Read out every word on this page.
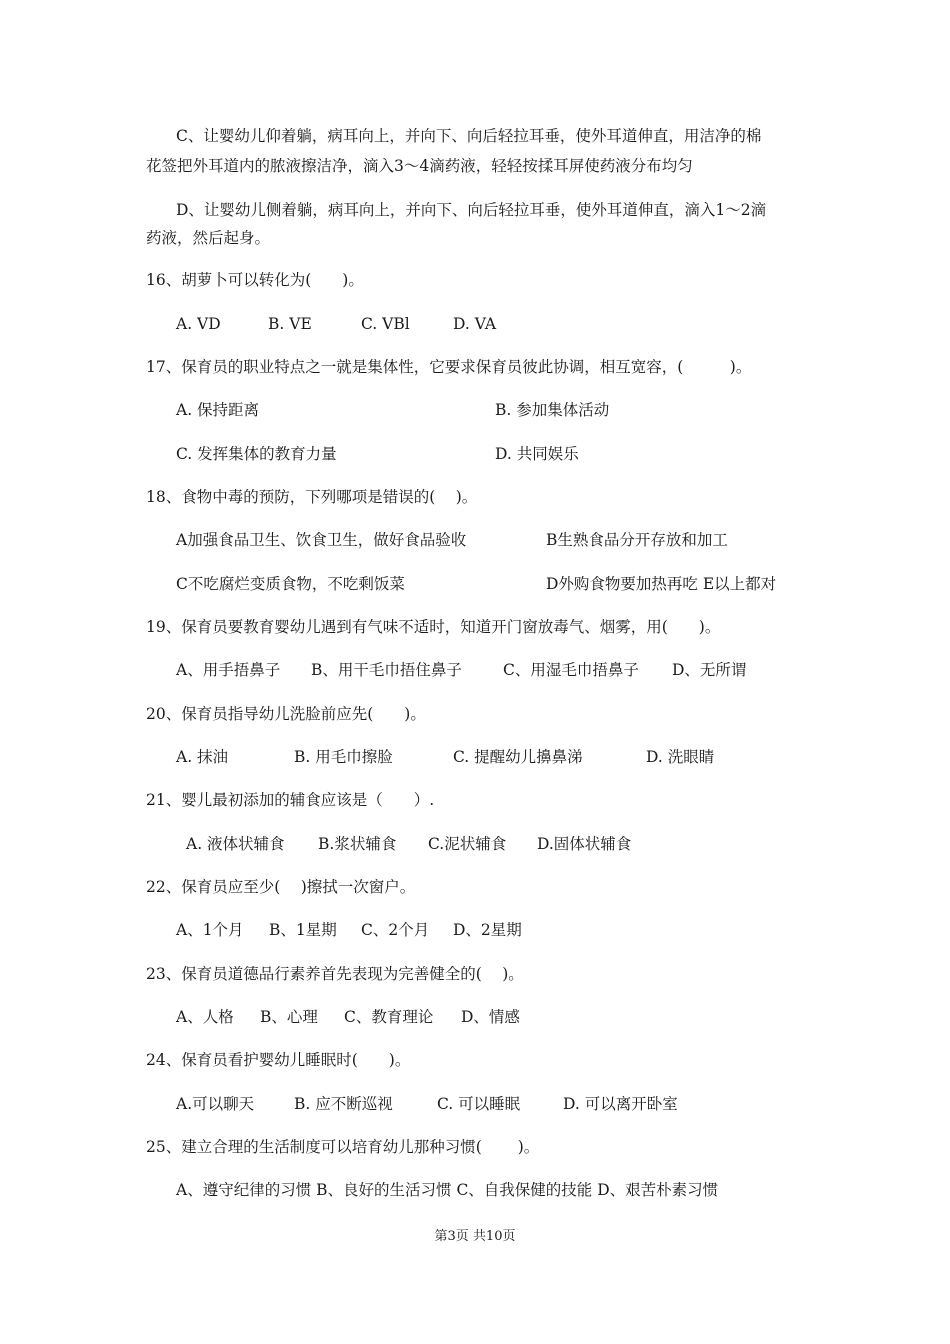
C、让婴幼儿仰着躺，病耳向上，并向下、向后轻拉耳垂，使外耳道伸直，用洁净的棉
花签把外耳道内的脓液擦洁净，滴入3～4滴药液，轻轻按揉耳屏使药液分布均匀
D、让婴幼儿侧着躺，病耳向上，并向下、向后轻拉耳垂，使外耳道伸直，滴入1～2滴
药液，然后起身。
16、胡萝卜可以转化为(　　)。
A. VD	B. VE	C. VBl	D. VA
17、保育员的职业特点之一就是集体性，它要求保育员彼此协调，相互宽容，(　　　)。
A. 保持距离	B. 参加集体活动
C. 发挥集体的教育力量	D. 共同娱乐
18、食物中毒的预防，下列哪项是错误的(　 )。
A加强食品卫生、饮食卫生，做好食品验收	B生熟食品分开存放和加工
C不吃腐烂变质食物，不吃剩饭菜	D外购食物要加热再吃 E以上都对
19、保育员要教育婴幼儿遇到有气味不适时，知道开门窗放毒气、烟雾，用(　　)。
A、用手捂鼻子 B、用干毛巾捂住鼻子	C、用湿毛巾捂鼻子 D、无所谓
20、保育员指导幼儿洗脸前应先(　　)。
A. 抹油	B. 用毛巾擦脸	C. 提醒幼儿擤鼻涕	D. 洗眼睛
21、婴儿最初添加的辅食应该是（　　）.
A. 液体状辅食 B.浆状辅食 C.泥状辅食 D.固体状辅食
22、保育员应至少(　 )擦拭一次窗户。
A、1个月 B、1星期 C、2个月 D、2星期
23、保育员道德品行素养首先表现为完善健全的(　 )。
A、人格 B、心理 C、教育理论 D、情感
24、保育员看护婴幼儿睡眠时(　　)。
A.可以聊天	B. 应不断巡视	C. 可以睡眠	D. 可以离开卧室
25、建立合理的生活制度可以培育幼儿那种习惯(　　 )。
A、遵守纪律的习惯 B、良好的生活习惯 C、自我保健的技能 D、艰苦朴素习惯
第3页 共10页
